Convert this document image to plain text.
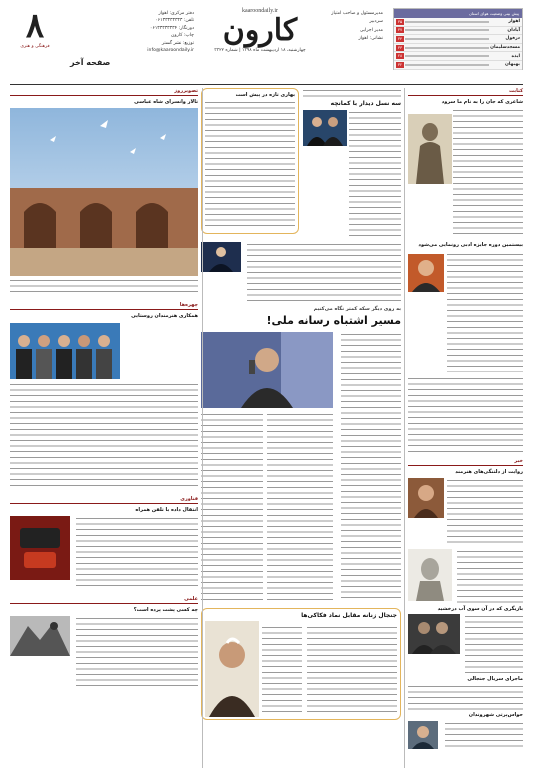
پیش بینی وضعیت هوای استان
اهواز
۳۵
آبادان
۳۷
دزفول
۳۴
مسجدسلیمان
۳۳
ایذه
۲۸
بهبهان
۳۲
مدیرمسئول و صاحب امتیاز
سردبیر
مدیر اجرایی
نشانی: اهواز
kaaroondaily.ir
کارون
چهارشنبه، ۱۸ اردیبهشت ماه ۱۳۹۸ | شماره ۳۳۲۲
دفتر مرکزی: اهواز
تلفن: ۰۶۱۳۳۳۳۳۳۳۳
دورنگار: ۰۶۱۳۳۳۳۳۳۳۴
چاپ: کارون
توزیع: نشر گستر
info@kaaroondaily.ir
۸
فرهنگی و هنری
صفحه آخر
کتابت
شاعری که جان را به نام ما سرود
بیستمین دوره جایزه ادبی رونمایی می‌شود
خبر
روایت از دلتنگی‌های هنرمند
بازیگری که در آن سوی آب درخشید
ماجرای سریال جنجالی
حواس‌پرتی شهروندان
سه نسل دیدار با کمانچه
بهاری تازه در پیش است
به روی دیگر سکه کمتر نگاه می‌کنیم
مسیر اشتباه رسانه ملی!
جنجال زنانه مقابل نماد فکاکی‌ها
تصویرروز
تالار وانسرای شاه عباسی
چهره‌ها
همکاری هنرمندان روستایی
فناوری
انتقال داده با تلفن همراه
علمی
چه کسی پشت پرده است؟
